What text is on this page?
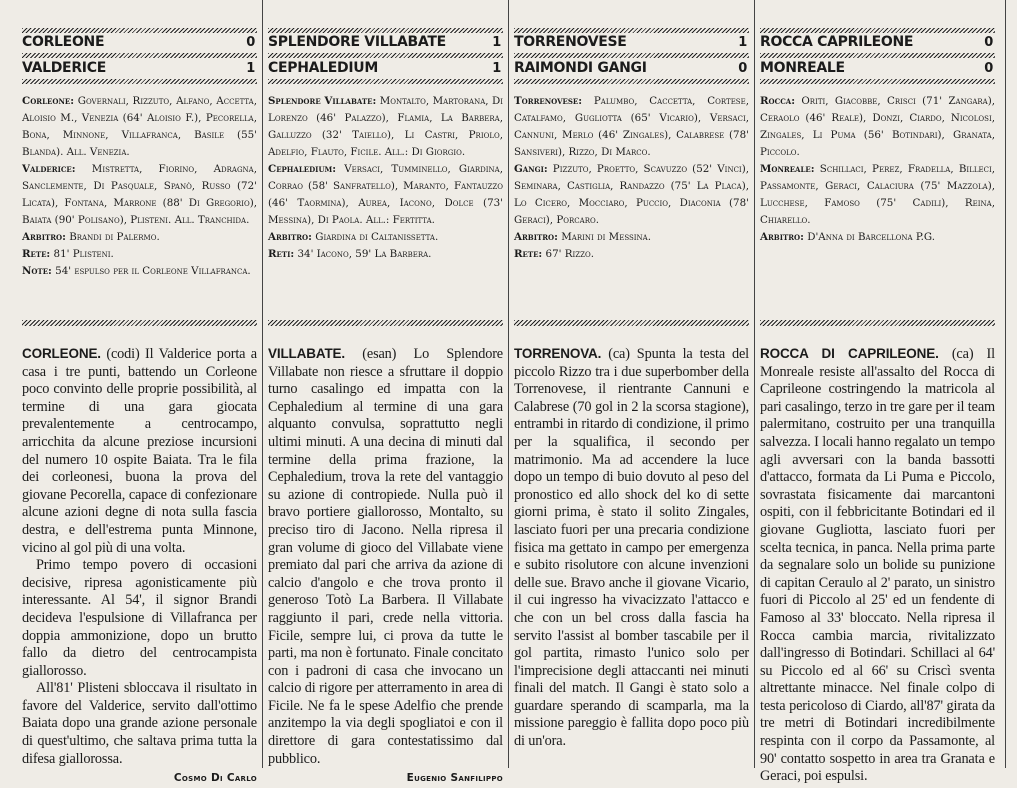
CORLEONE	0
VALDERICE	1

Corleone: Governali, Rizzuto, Alfano, Accetta, Aloisio M., Venezia (64' Aloisio F.), Pecorella, Bona, Minnone, Villafranca, Basile (55' Blanda). All. Venezia.

Valderice: Mistretta, Fiorino, Adragna, Sanclemente, Di Pasquale, Spanò, Russo (72' Licata), Fontana, Marrone (88' Di Gregorio), Baiata (90' Polisano), Plisteni. All. Tranchida.

Arbitro: Brandi di Palermo.

Rete: 81' Plisteni.

Note: 54' espulso per il Corleone Villafranca.

CORLEONE. (codi) Il Valderice porta a casa i tre punti, battendo un Corleone poco convinto delle proprie possibilità, al termine di una gara giocata prevalentemente a centrocampo, arricchita da alcune preziose incursioni del numero 10 ospite Baiata. Tra le fila dei corleonesi, buona la prova del giovane Pecorella, capace di confezionare alcune azioni degne di nota sulla fascia destra, e dell'estrema punta Minnone, vicino al gol più di una volta.

Primo tempo povero di occasioni decisive, ripresa agonisticamente più interessante. Al 54', il signor Brandi decideva l'espulsione di Villafranca per doppia ammonizione, dopo un brutto fallo da dietro del centrocampista giallorosso.

All'81' Plisteni sbloccava il risultato in favore del Valderice, servito dall'ottimo Baiata dopo una grande azione personale di quest'ultimo, che saltava prima tutta la difesa giallorossa.

Cosmo Di Carlo
SPLENDORE VILLABATE	1
CEPHALEDIUM	1

Splendore Villabate: Montalto, Martorana, Di Lorenzo (46' Palazzo), Flamia, La Barbera, Galluzzo (32' Taiello), Li Castri, Priolo, Adelfio, Flauto, Ficile. All.: Di Giorgio.

Cephaledium: Versaci, Tumminello, Giardina, Corrao (58' Sanfratello), Maranto, Fantauzzo (46' Taormina), Aurea, Iacono, Dolce (73' Messina), Di Paola. All.: Fertitta.

Arbitro: Giardina di Caltanissetta.

Reti: 34' Iacono, 59' La Barbera.

VILLABATE. (esan) Lo Splendore Villabate non riesce a sfruttare il doppio turno casalingo ed impatta con la Cephaledium al termine di una gara alquanto convulsa, soprattutto negli ultimi minuti. A una decina di minuti dal termine della prima frazione, la Cephaledium, trova la rete del vantaggio su azione di contropiede. Nulla può il bravo portiere giallorosso, Montalto, su preciso tiro di Jacono. Nella ripresa il gran volume di gioco del Villabate viene premiato dal pari che arriva da azione di calcio d'angolo e che trova pronto il generoso Totò La Barbera. Il Villabate raggiunto il pari, crede nella vittoria. Ficile, sempre lui, ci prova da tutte le parti, ma non è fortunato. Finale concitato con i padroni di casa che invocano un calcio di rigore per atterramento in area di Ficile. Ne fa le spese Adelfio che prende anzitempo la via degli spogliatoi e con il direttore di gara contestatissimo dal pubblico.

Eugenio Sanfilippo
TORRENOVESE	1
RAIMONDI GANGI	0

Torrenovese: Palumbo, Caccetta, Cortese, Catalfamo, Gugliotta (65' Vicario), Versaci, Cannuni, Merlo (46' Zingales), Calabrese (78' Sansiveri), Rizzo, Di Marco.

Gangi: Pizzuto, Proetto, Scavuzzo (52' Vinci), Seminara, Castiglia, Randazzo (75' La Placa), Lo Cicero, Mocciaro, Puccio, Diaconia (78' Geraci), Porcaro.

Arbitro: Marini di Messina.

Rete: 67' Rizzo.

TORRENOVA. (ca) Spunta la testa del piccolo Rizzo tra i due superbomber della Torrenovese, il rientrante Cannuni e Calabrese (70 gol in 2 la scorsa stagione), entrambi in ritardo di condizione, il primo per la squalifica, il secondo per matrimonio. Ma ad accendere la luce dopo un tempo di buio dovuto al peso del pronostico ed allo shock del ko di sette giorni prima, è stato il solito Zingales, lasciato fuori per una precaria condizione fisica ma gettato in campo per emergenza e subito risolutore con alcune invenzioni delle sue. Bravo anche il giovane Vicario, il cui ingresso ha vivacizzato l'attacco e che con un bel cross dalla fascia ha servito l'assist al bomber tascabile per il gol partita, rimasto l'unico solo per l'imprecisione degli attaccanti nei minuti finali del match. Il Gangi è stato solo a guardare sperando di scamparla, ma la missione pareggio è fallita dopo poco più di un'ora.

ROCCA CAPRILEONE	0
MONREALE	0

Rocca: Oriti, Giacobbe, Crisci (71' Zangara), Ceraolo (46' Reale), Donzi, Ciardo, Nicolosi, Zingales, Li Puma (56' Botindari), Granata, Piccolo.

Monreale: Schillaci, Perez, Fradella, Billeci, Passamonte, Geraci, Calaciura (75' Mazzola), Lucchese, Famoso (75' Cadili), Reina, Chiarello.

Arbitro: D'Anna di Barcellona P.G.

ROCCA DI CAPRILEONE. (ca) Il Monreale resiste all'assalto del Rocca di Caprileone costringendo la matricola al pari casalingo, terzo in tre gare per il team palermitano, costruito per una tranquilla salvezza. I locali hanno regalato un tempo agli avversari con la banda bassotti d'attacco, formata da Li Puma e Piccolo, sovrastata fisicamente dai marcantoni ospiti, con il febbricitante Botindari ed il giovane Gugliotta, lasciato fuori per scelta tecnica, in panca. Nella prima parte da segnalare solo un bolide su punizione di capitan Ceraulo al 2' parato, un sinistro fuori di Piccolo al 25' ed un fendente di Famoso al 33' bloccato. Nella ripresa il Rocca cambia marcia, rivitalizzato dall'ingresso di Botindari. Schillaci al 64' su Piccolo ed al 66' su Criscì sventa altrettante minacce. Nel finale colpo di testa pericoloso di Ciardo, all'87' girata da tre metri di Botindari incredibilmente respinta con il corpo da Passamonte, al 90' contatto sospetto in area tra Granata e Geraci, poi espulsi.
